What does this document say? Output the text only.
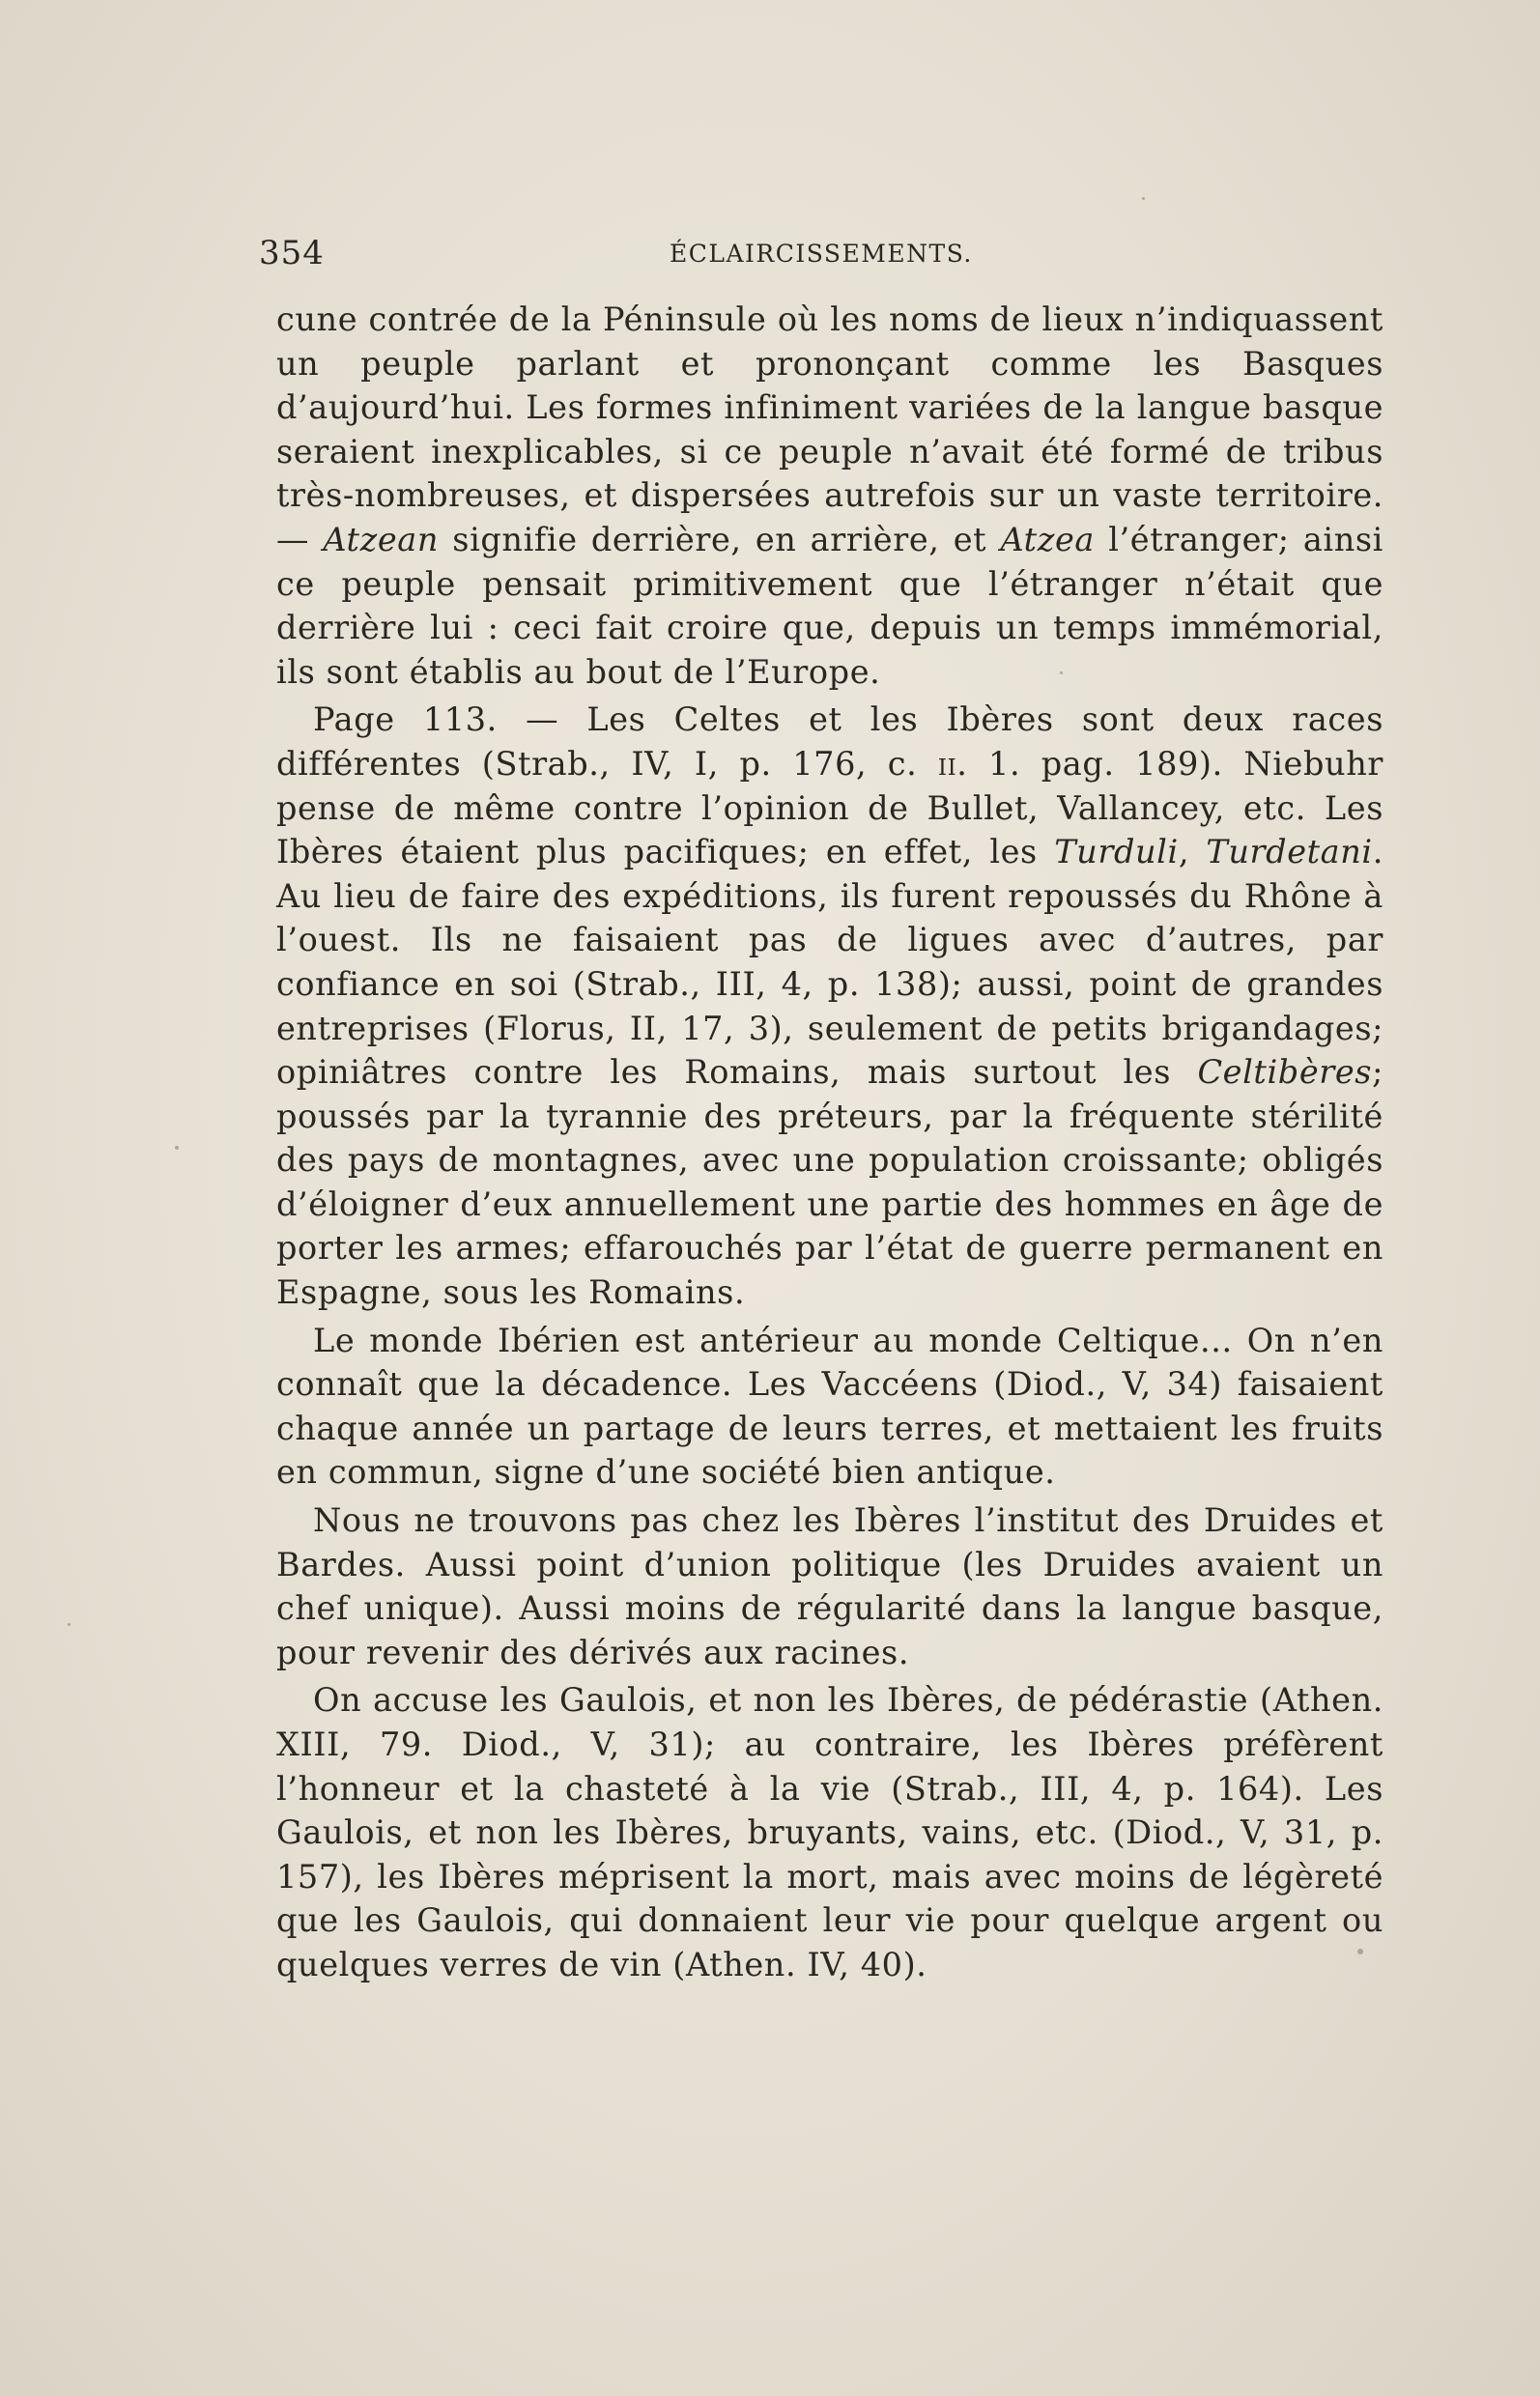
354	ÉCLAIRCISSEMENTS.

cune contrée de la Péninsule où les noms de lieux n’indiquassent un peuple parlant et prononçant comme les Basques d’aujourd’hui. Les formes infiniment variées de la langue basque seraient inexplicables, si ce peuple n’avait été formé de tribus très-nombreuses, et dispersées autrefois sur un vaste territoire. — Atzean signifie derrière, en arrière, et Atzea l’étranger; ainsi ce peuple pensait primitivement que l’étranger n’était que derrière lui : ceci fait croire que, depuis un temps immémorial, ils sont établis au bout de l’Europe.

Page 113. — Les Celtes et les Ibères sont deux races différentes (Strab., IV, I, p. 176, c. ii. 1. pag. 189). Niebuhr pense de même contre l’opinion de Bullet, Vallancey, etc. Les Ibères étaient plus pacifiques; en effet, les Turduli, Turdetani. Au lieu de faire des expéditions, ils furent repoussés du Rhône à l’ouest. Ils ne faisaient pas de ligues avec d’autres, par confiance en soi (Strab., III, 4, p. 138); aussi, point de grandes entreprises (Florus, II, 17, 3), seulement de petits brigandages; opiniâtres contre les Romains, mais surtout les Celtibères; poussés par la tyrannie des préteurs, par la fréquente stérilité des pays de montagnes, avec une population croissante; obligés d’éloigner d’eux annuellement une partie des hommes en âge de porter les armes; effarouchés par l’état de guerre permanent en Espagne, sous les Romains.

Le monde Ibérien est antérieur au monde Celtique... On n’en connaît que la décadence. Les Vaccéens (Diod., V, 34) faisaient chaque année un partage de leurs terres, et mettaient les fruits en commun, signe d’une société bien antique.

Nous ne trouvons pas chez les Ibères l’institut des Druides et Bardes. Aussi point d’union politique (les Druides avaient un chef unique). Aussi moins de régularité dans la langue basque, pour revenir des dérivés aux racines.

On accuse les Gaulois, et non les Ibères, de pédérastie (Athen. XIII, 79. Diod., V, 31); au contraire, les Ibères préfèrent l’honneur et la chasteté à la vie (Strab., III, 4, p. 164). Les Gaulois, et non les Ibères, bruyants, vains, etc. (Diod., V, 31, p. 157), les Ibères méprisent la mort, mais avec moins de légèreté que les Gaulois, qui donnaient leur vie pour quelque argent ou quelques verres de vin (Athen. IV, 40).
